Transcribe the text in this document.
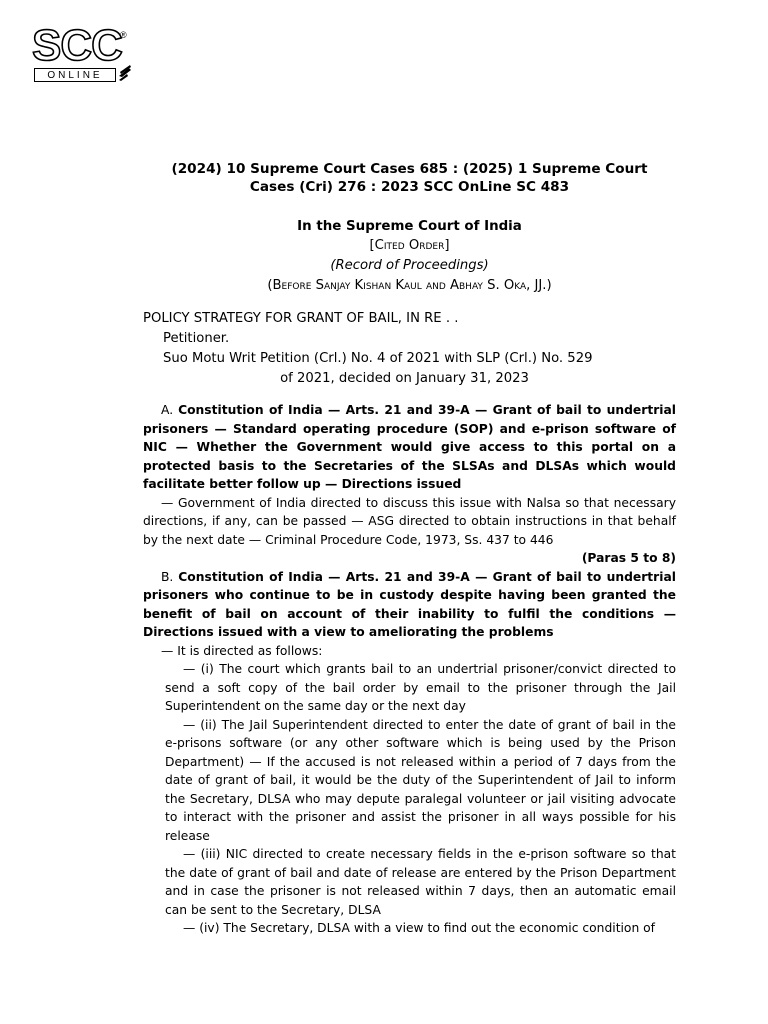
SCC
®
ONLINE

(2024) 10 Supreme Court Cases 685 : (2025) 1 Supreme Court
Cases (Cri) 276 : 2023 SCC OnLine SC 483

In the Supreme Court of India
[Cited Order]
(Record of Proceedings)
(Before Sanjay Kishan Kaul and Abhay S. Oka, JJ.)
POLICY STRATEGY FOR GRANT OF BAIL, IN RE . .
Petitioner.
Suo Motu Writ Petition (Crl.) No. 4 of 2021 with SLP (Crl.) No. 529
of 2021, decided on January 31, 2023

A. Constitution of India — Arts. 21 and 39-A — Grant of bail to undertrial prisoners — Standard operating procedure (SOP) and e-prison software of NIC — Whether the Government would give access to this portal on a protected basis to the Secretaries of the SLSAs and DLSAs which would facilitate better follow up — Directions issued

— Government of India directed to discuss this issue with Nalsa so that necessary directions, if any, can be passed — ASG directed to obtain instructions in that behalf by the next date — Criminal Procedure Code, 1973, Ss. 437 to 446

(Paras 5 to 8)

B. Constitution of India — Arts. 21 and 39-A — Grant of bail to undertrial prisoners who continue to be in custody despite having been granted the benefit of bail on account of their inability to fulfil the conditions — Directions issued with a view to ameliorating the problems

— It is directed as follows:

— (i) The court which grants bail to an undertrial prisoner/convict directed to send a soft copy of the bail order by email to the prisoner through the Jail Superintendent on the same day or the next day

— (ii) The Jail Superintendent directed to enter the date of grant of bail in the e-prisons software (or any other software which is being used by the Prison Department) — If the accused is not released within a period of 7 days from the date of grant of bail, it would be the duty of the Superintendent of Jail to inform the Secretary, DLSA who may depute paralegal volunteer or jail visiting advocate to interact with the prisoner and assist the prisoner in all ways possible for his release

— (iii) NIC directed to create necessary fields in the e-prison software so that the date of grant of bail and date of release are entered by the Prison Department and in case the prisoner is not released within 7 days, then an automatic email can be sent to the Secretary, DLSA

— (iv) The Secretary, DLSA with a view to find out the economic condition of
